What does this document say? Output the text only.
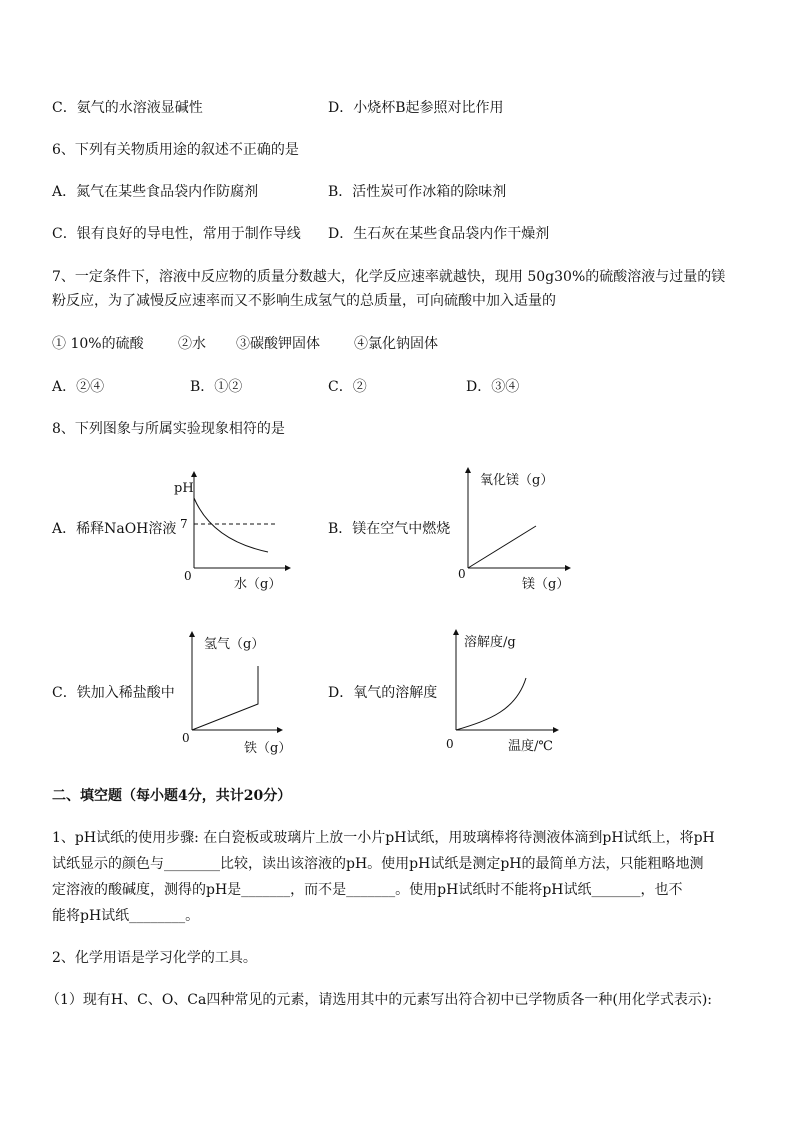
C．氨气的水溶液显碱性	D．小烧杯B起参照对比作用
6、下列有关物质用途的叙述不正确的是
A．氮气在某些食品袋内作防腐剂	B．活性炭可作冰箱的除味剂
C．银有良好的导电性，常用于制作导线 D．生石灰在某些食品袋内作干燥剂
7、一定条件下，溶液中反应物的质量分数越大，化学反应速率就越快，现用 50g30%的硫酸溶液与过量的镁
粉反应，为了减慢反应速率而又不影响生成氢气的总质量，可向硫酸中加入适量的
① 10%的硫酸 ②水 ③碳酸钾固体 ④氯化钠固体
A．②④	B．①②	C．②	D．③④
8、下列图象与所属实验现象相符的是
A．稀释NaOH溶液	B．镁在空气中燃烧
C．铁加入稀盐酸中	D．氧气的溶解度
pH
7
0
水（g）
氧化镁（g）
0
镁（g）
氢气（g）
0
铁（g）
溶解度/g
0	温度/℃
二、填空题（每小题4分，共计20分）
1、pH试纸的使用步骤: 在白瓷板或玻璃片上放一小片pH试纸，用玻璃棒将待测液体滴到pH试纸上，将pH
试纸显示的颜色与________比较，读出该溶液的pH。使用pH试纸是测定pH的最简单方法，只能粗略地测
定溶液的酸碱度，测得的pH是_______，而不是_______。使用pH试纸时不能将pH试纸_______，也不
能将pH试纸________。
2、化学用语是学习化学的工具。
（1）现有H、C、O、Ca四种常见的元素，请选用其中的元素写出符合初中已学物质各一种(用化学式表示):
